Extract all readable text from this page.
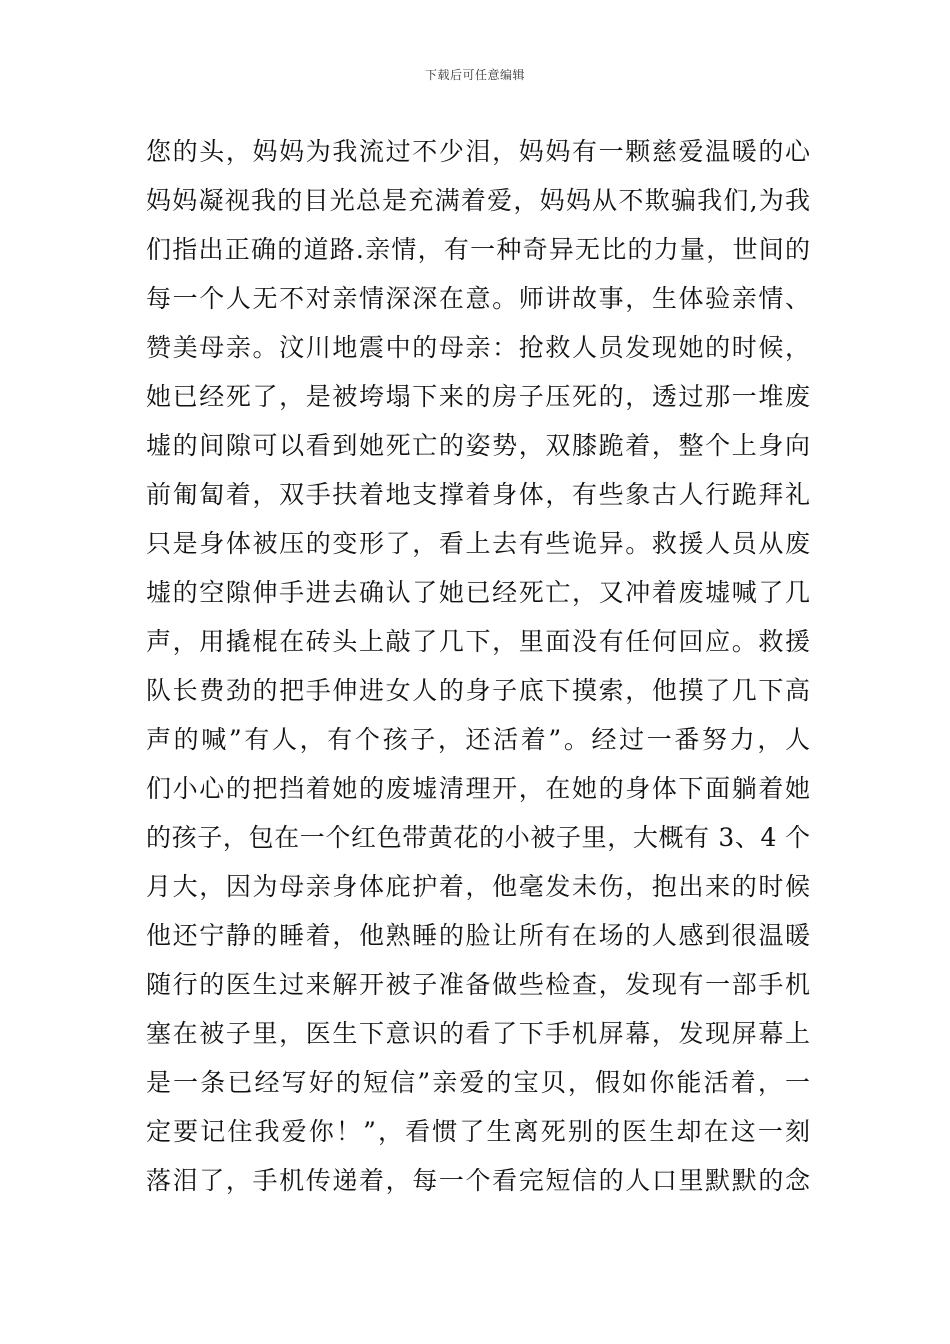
下载后可任意编辑
您的头，妈妈为我流过不少泪，妈妈有一颗慈爱温暖的心
妈妈凝视我的目光总是充满着爱，妈妈从不欺骗我们,为我
们指出正确的道路.亲情，有一种奇异无比的力量，世间的
每一个人无不对亲情深深在意。师讲故事，生体验亲情、
赞美母亲。汶川地震中的母亲：抢救人员发现她的时候，
她已经死了，是被垮塌下来的房子压死的，透过那一堆废
墟的间隙可以看到她死亡的姿势，双膝跪着，整个上身向
前匍匐着，双手扶着地支撑着身体，有些象古人行跪拜礼
只是身体被压的变形了，看上去有些诡异。救援人员从废
墟的空隙伸手进去确认了她已经死亡，又冲着废墟喊了几
声，用撬棍在砖头上敲了几下，里面没有任何回应。救援
队长费劲的把手伸进女人的身子底下摸索，他摸了几下高
声的喊”有人，有个孩子，还活着”。经过一番努力，人
们小心的把挡着她的废墟清理开，在她的身体下面躺着她
的孩子，包在一个红色带黄花的小被子里，大概有 3、4 个
月大，因为母亲身体庇护着，他毫发未伤，抱出来的时候
他还宁静的睡着，他熟睡的脸让所有在场的人感到很温暖
随行的医生过来解开被子准备做些检查，发现有一部手机
塞在被子里，医生下意识的看了下手机屏幕，发现屏幕上
是一条已经写好的短信”亲爱的宝贝，假如你能活着，一
定要记住我爱你！”，看惯了生离死别的医生却在这一刻
落泪了，手机传递着，每一个看完短信的人口里默默的念
